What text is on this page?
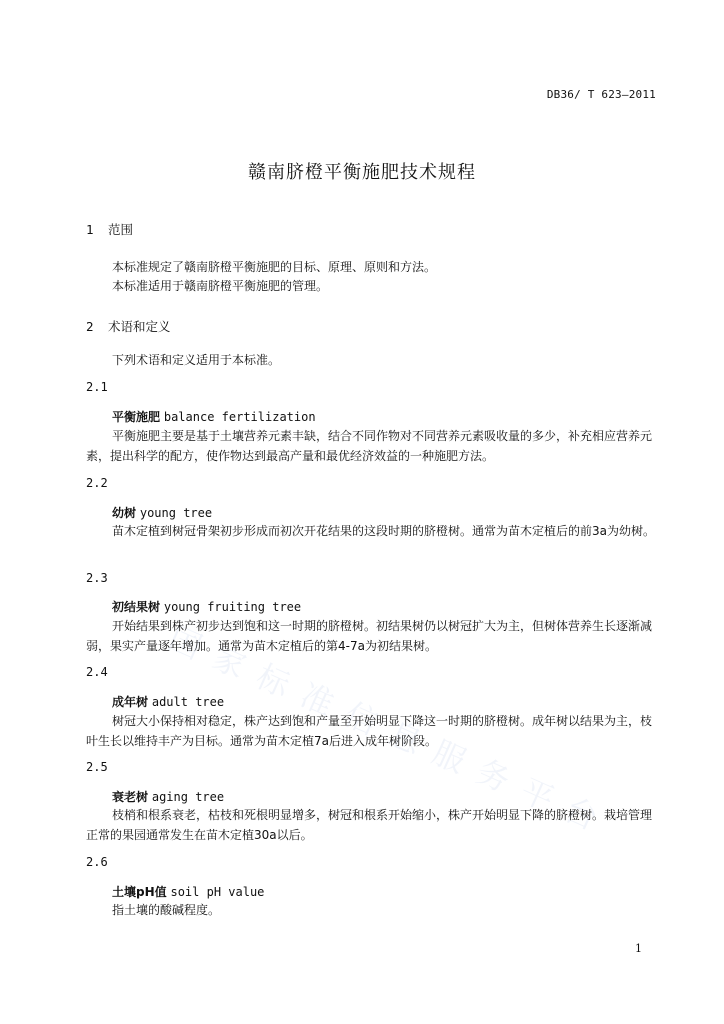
国 家 标 准 信 息 服 务 平 台
DB36/ T 623—2011
赣南脐橙平衡施肥技术规程
1 范围
本标准规定了赣南脐橙平衡施肥的目标、原理、原则和方法。
本标准适用于赣南脐橙平衡施肥的管理。
2 术语和定义
下列术语和定义适用于本标准。
2.1
平衡施肥 balance fertilization
平衡施肥主要是基于土壤营养元素丰缺，结合不同作物对不同营养元素吸收量的多少，补充相应营养元素，提出科学的配方，使作物达到最高产量和最优经济效益的一种施肥方法。
2.2
幼树 young tree
苗木定植到树冠骨架初步形成而初次开花结果的这段时期的脐橙树。通常为苗木定植后的前3a为幼树。
2.3
初结果树 young fruiting tree
开始结果到株产初步达到饱和这一时期的脐橙树。初结果树仍以树冠扩大为主，但树体营养生长逐渐减弱，果实产量逐年增加。通常为苗木定植后的第4-7a为初结果树。
2.4
成年树 adult tree
树冠大小保持相对稳定，株产达到饱和产量至开始明显下降这一时期的脐橙树。成年树以结果为主，枝叶生长以维持丰产为目标。通常为苗木定植7a后进入成年树阶段。
2.5
衰老树 aging tree
枝梢和根系衰老，枯枝和死根明显增多，树冠和根系开始缩小，株产开始明显下降的脐橙树。栽培管理正常的果园通常发生在苗木定植30a以后。
2.6
土壤pH值 soil pH value
指土壤的酸碱程度。
1
